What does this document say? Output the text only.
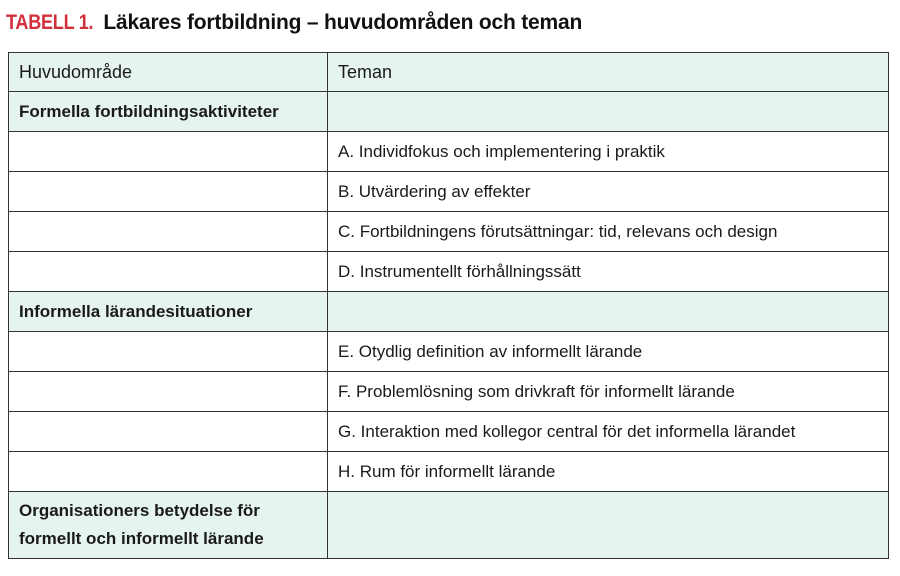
TABELL 1. Läkares fortbildning – huvudområden och teman
Huvudområde	Teman
Formella fortbildningsaktiviteter	
	A. Individfokus och implementering i praktik
	B. Utvärdering av effekter
	C. Fortbildningens förutsättningar: tid, relevans och design
	D. Instrumentellt förhållningssätt
Informella lärandesituationer	
	E. Otydlig definition av informellt lärande
	F. Problemlösning som drivkraft för informellt lärande
	G. Interaktion med kollegor central för det informella lärandet
	H. Rum för informellt lärande
Organisationers betydelse för formellt och informellt lärande	
